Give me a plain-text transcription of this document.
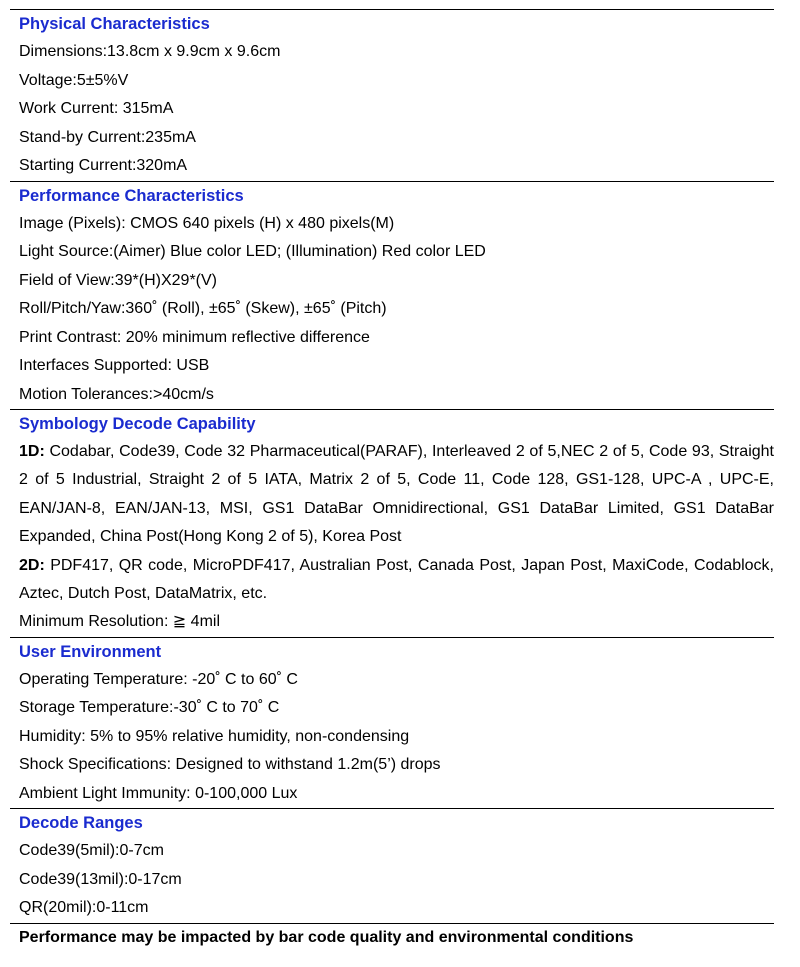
Physical Characteristics
Dimensions:13.8cm x 9.9cm x 9.6cm
Voltage:5±5%V
Work Current: 315mA
Stand-by Current:235mA
Starting Current:320mA
Performance Characteristics
Image (Pixels): CMOS 640 pixels (H) x 480 pixels(M)
Light Source:(Aimer) Blue color LED; (Illumination) Red color LED
Field of View:39*(H)X29*(V)
Roll/Pitch/Yaw:360˚ (Roll), ±65˚ (Skew), ±65˚ (Pitch)
Print Contrast: 20% minimum reflective difference
Interfaces Supported: USB
Motion Tolerances:>40cm/s
Symbology Decode Capability
1D: Codabar, Code39, Code 32 Pharmaceutical(PARAF), Interleaved 2 of 5,NEC 2 of 5, Code 93, Straight 2 of 5 Industrial, Straight 2 of 5 IATA, Matrix 2 of 5, Code 11, Code 128, GS1-128, UPC-A , UPC-E, EAN/JAN-8, EAN/JAN-13, MSI, GS1 DataBar Omnidirectional, GS1 DataBar Limited, GS1 DataBar Expanded, China Post(Hong Kong 2 of 5), Korea Post
2D: PDF417, QR code, MicroPDF417, Australian Post, Canada Post, Japan Post, MaxiCode, Codablock, Aztec, Dutch Post, DataMatrix, etc.
Minimum Resolution: ≧ 4mil
User Environment
Operating Temperature: -20˚ C to 60˚ C
Storage Temperature:-30˚ C to 70˚ C
Humidity: 5% to 95% relative humidity, non-condensing
Shock Specifications: Designed to withstand 1.2m(5’) drops
Ambient Light Immunity: 0-100,000 Lux
Decode Ranges
Code39(5mil):0-7cm
Code39(13mil):0-17cm
QR(20mil):0-11cm
Performance may be impacted by bar code quality and environmental conditions
